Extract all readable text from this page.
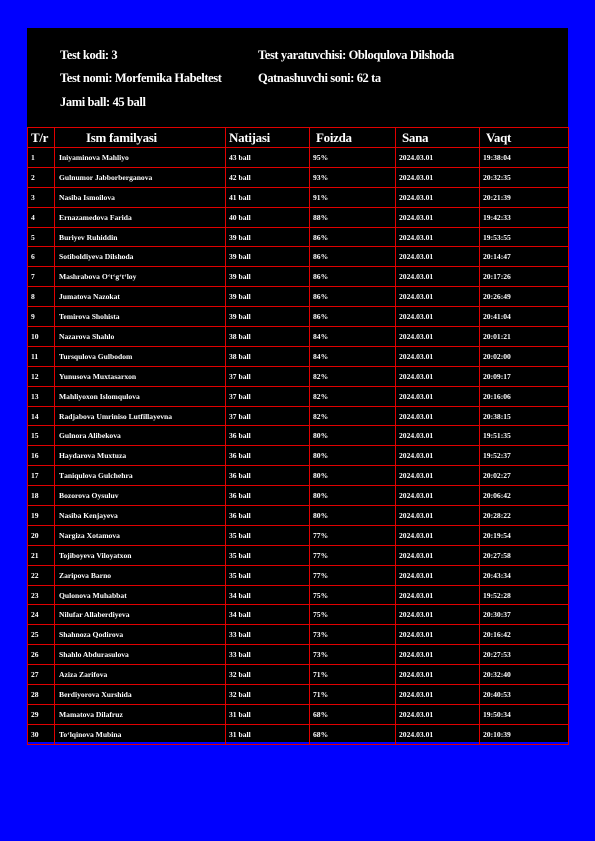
Test kodi: 3
Test nomi: Morfemika Habeltest
Jami ball: 45 ball
Test yaratuvchisi: Obloqulova Dilshoda
Qatnashuvchi soni: 62 ta
T/r	Ism familyasi	Natijasi	Foizda	Sana	Vaqt
1	Iniyaminova Mahliyo	43 ball	95%	2024.03.01	19:38:04
2	Gulnumor Jabborberganova	42 ball	93%	2024.03.01	20:32:35
3	Nasiba Ismoilova	41 ball	91%	2024.03.01	20:21:39
4	Ernazamedova Farida	40 ball	88%	2024.03.01	19:42:33
5	Buriyev Ruhiddin	39 ball	86%	2024.03.01	19:53:55
6	Sotiboldiyeva Dilshoda	39 ball	86%	2024.03.01	20:14:47
7	Mashrabova Oʻtʻgʻtʻloy	39 ball	86%	2024.03.01	20:17:26
8	Jumatova Nazokat	39 ball	86%	2024.03.01	20:26:49
9	Temirova Shohista	39 ball	86%	2024.03.01	20:41:04
10	Nazarova Shahlo	38 ball	84%	2024.03.01	20:01:21
11	Tursqulova Gulbodom	38 ball	84%	2024.03.01	20:02:00
12	Yunusova Muxtasarxon	37 ball	82%	2024.03.01	20:09:17
13	Mahliyoxon Islomqulova	37 ball	82%	2024.03.01	20:16:06
14	Radjabova Umriniso Lutfillayevna	37 ball	82%	2024.03.01	20:38:15
15	Gulnora Alibekova	36 ball	80%	2024.03.01	19:51:35
16	Haydarova Muxtuza	36 ball	80%	2024.03.01	19:52:37
17	Tаniqulova Gulchehra	36 ball	80%	2024.03.01	20:02:27
18	Bozorova Oysuluv	36 ball	80%	2024.03.01	20:06:42
19	Nasiba Kenjayeva	36 ball	80%	2024.03.01	20:28:22
20	Nargiza Xotamova	35 ball	77%	2024.03.01	20:19:54
21	Tojiboyeva Viloyatxon	35 ball	77%	2024.03.01	20:27:58
22	Zaripova Barno	35 ball	77%	2024.03.01	20:43:34
23	Qulonova Muhabbat	34 ball	75%	2024.03.01	19:52:28
24	Nilufar Allaberdiyeva	34 ball	75%	2024.03.01	20:30:37
25	Shahnoza Qodirova	33 ball	73%	2024.03.01	20:16:42
26	Shahlo Abdurasulova	33 ball	73%	2024.03.01	20:27:53
27	Aziza Zarifova	32 ball	71%	2024.03.01	20:32:40
28	Berdiyorova Xurshida	32 ball	71%	2024.03.01	20:40:53
29	Mamatova Dilafruz	31 ball	68%	2024.03.01	19:50:34
30	Toʻlqinova Mubina	31 ball	68%	2024.03.01	20:10:39
